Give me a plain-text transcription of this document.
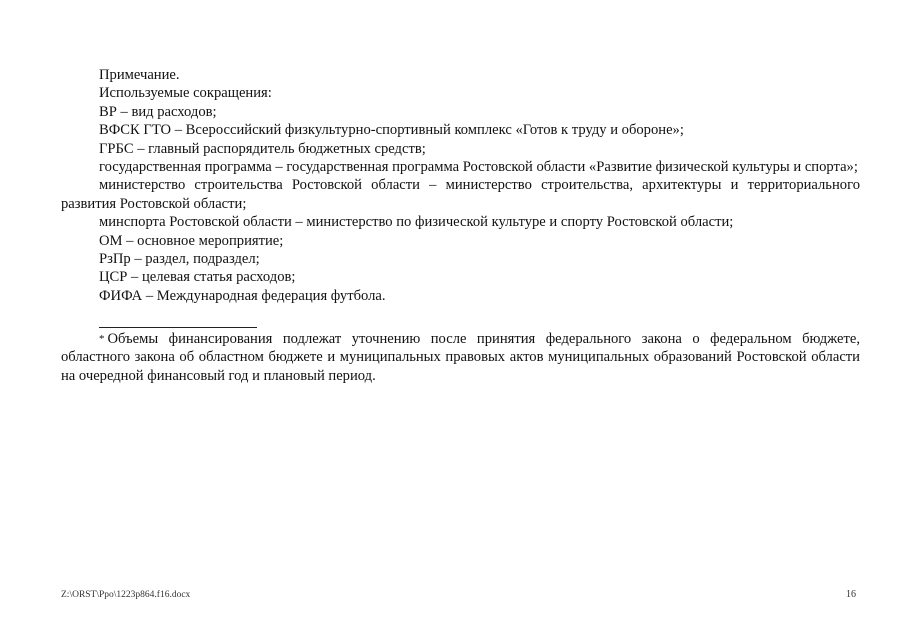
Примечание.

Используемые сокращения:

ВР – вид расходов;

ВФСК ГТО – Всероссийский физкультурно-спортивный комплекс «Готов к труду и обороне»;

ГРБС – главный распорядитель бюджетных средств;

государственная программа – государственная программа Ростовской области «Развитие физической культуры и спорта»;

министерство строительства Ростовской области – министерство строительства, архитектуры и территориального развития Ростовской области;

минспорта Ростовской области – министерство по физической культуре и спорту Ростовской области;

ОМ – основное мероприятие;

РзПр – раздел, подраздел;

ЦСР – целевая статья расходов;

ФИФА – Международная федерация футбола.

* Объемы финансирования подлежат уточнению после принятия федерального закона о федеральном бюджете, областного закона об областном бюджете и муниципальных правовых актов муниципальных образований Ростовской области на очередной финансовый год и плановый период.

Z:\ORST\Ppo\1223p864.f16.docx	16
